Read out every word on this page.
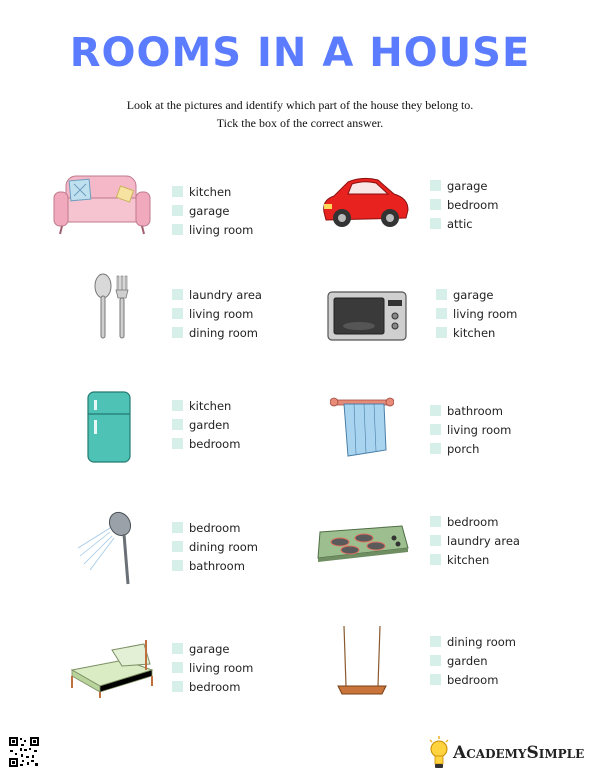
ROOMS IN A HOUSE
Look at the pictures and identify which part of the house they belong to.
Tick the box of the correct answer.
kitchen
garage
living room
garage
bedroom
attic
laundry area
living room
dining room
garage
living room
kitchen
kitchen
garden
bedroom
bathroom
living room
porch
bedroom
dining room
bathroom
bedroom
laundry area
kitchen
garage
living room
bedroom
dining room
garden
bedroom
ACADEMYSIMPLE
